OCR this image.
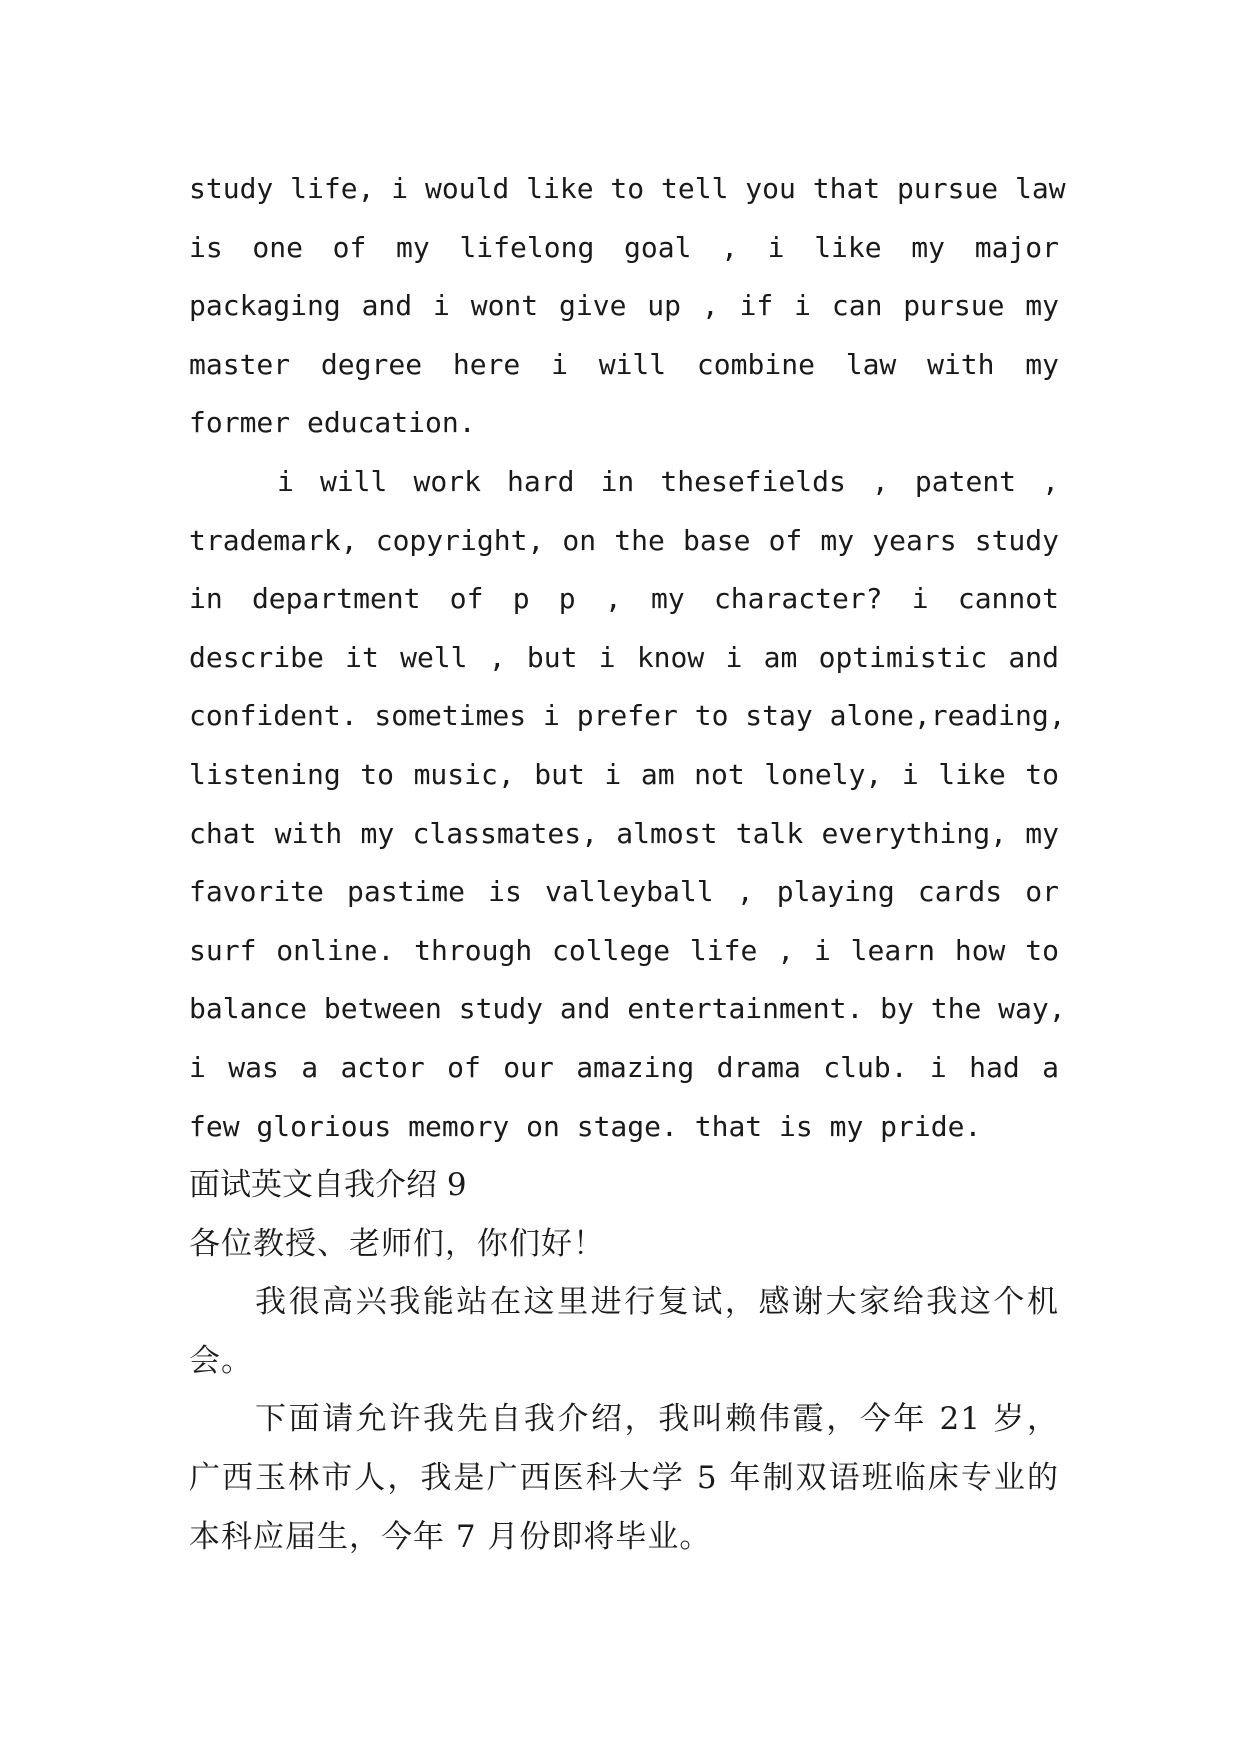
study life, i would like to tell you that pursue law
is one of my lifelong goal , i like my major
packaging and i wont give up , if i can pursue my
master degree here i will combine law with my
former education.
i will work hard in thesefields , patent ,
trademark, copyright, on the base of my years study
in department of p p , my character? i cannot
describe it well , but i know i am optimistic and
confident. sometimes i prefer to stay alone,reading,
listening to music, but i am not lonely, i like to
chat with my classmates, almost talk everything, my
favorite pastime is valleyball , playing cards or
surf online. through college life , i learn how to
balance between study and entertainment. by the way,
i was a actor of our amazing drama club. i had a
few glorious memory on stage. that is my pride.
面试英文自我介绍 9
各位教授、老师们，你们好！
我很高兴我能站在这里进行复试，感谢大家给我这个机
会。
下面请允许我先自我介绍，我叫赖伟霞，今年 21 岁，
广西玉林市人，我是广西医科大学 5 年制双语班临床专业的
本科应届生，今年 7 月份即将毕业。
